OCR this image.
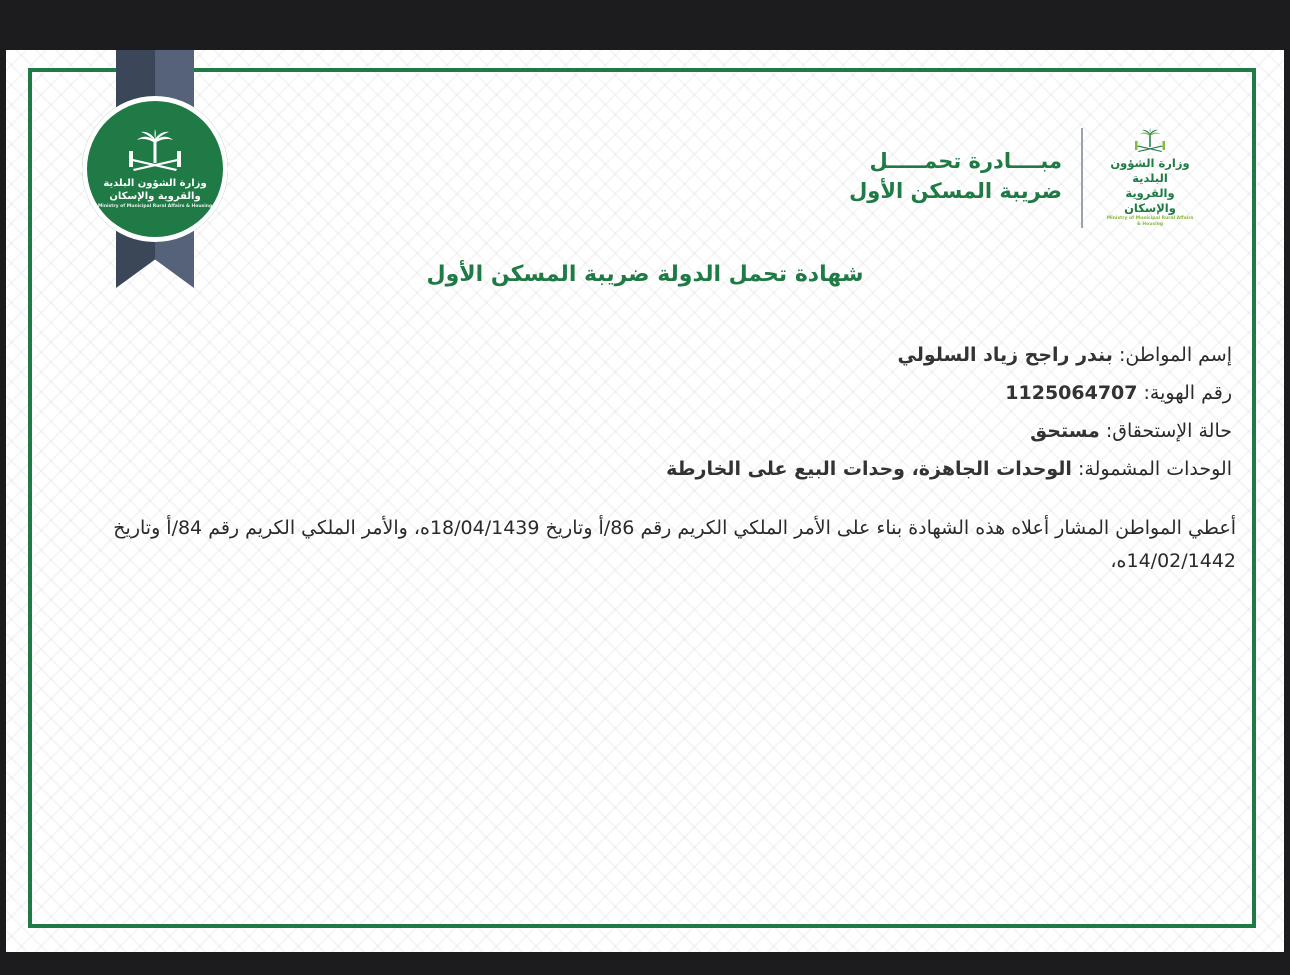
وزارة الشؤون البلدية
والقروية والإسكان
Ministry of Municipal Rural Affairs & Housing
وزارة الشؤون البلدية
والقروية والإسكان
Ministry of Municipal Rural Affairs & Housing
مبــــادرة تحمـــــل
ضريبة المسكن الأول
شهادة تحمل الدولة ضريبة المسكن الأول
إسم المواطن: بندر راجح زياد السلولي
رقم الهوية: 1125064707
حالة الإستحقاق: مستحق
الوحدات المشمولة: الوحدات الجاهزة، وحدات البيع على الخارطة
أعطي المواطن المشار أعلاه هذه الشهادة بناء على الأمر الملكي الكريم رقم 86/أ وتاريخ 18/04/1439ه، والأمر الملكي الكريم رقم 84/أ وتاريخ 14/02/1442ه،
